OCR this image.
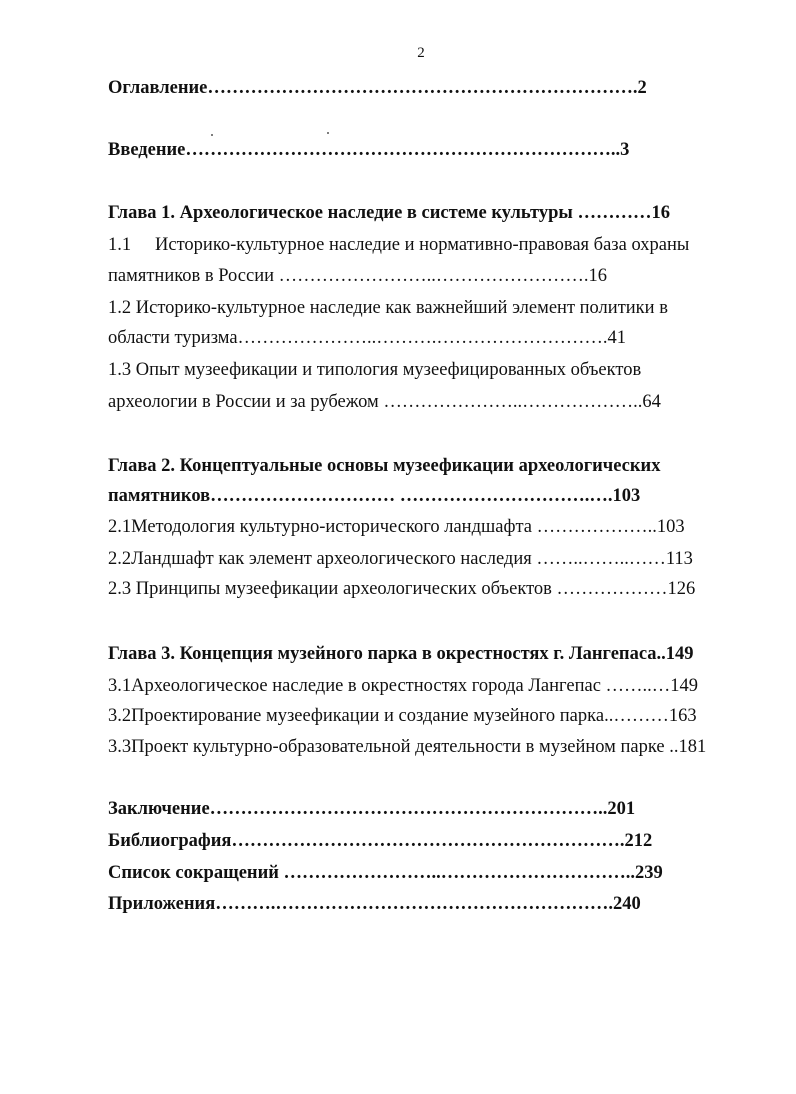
2
Оглавление…………………………………………………………….2
Введение……………………………………………………………..3
Глава 1. Археологическое наследие в системе культуры …………16
1.1 Историко-культурное наследие и нормативно-правовая база охраны
памятников в России ……………………..…………………….16
1.2 Историко-культурное наследие как важнейший элемент политики в
области туризма…………………..……….……………………….41
1.3 Опыт музеефикации и типология музеефицированных объектов
археологии в России и за рубежом …………………..………………..64
Глава 2. Концептуальные основы музеефикации археологических
памятников………………………… ………………………….….103
2.1Методология культурно-исторического ландшафта ………………..103
2.2Ландшафт как элемент археологического наследия ……..……..……113
2.3 Принципы музеефикации археологических объектов ………………126
Глава 3. Концепция музейного парка в окрестностях г. Лангепаса..149
3.1Археологическое наследие в окрестностях города Лангепас ……..…149
3.2Проектирование музеефикации и создание музейного парка..………163
3.3Проект культурно-образовательной деятельности в музейном парке ..181
Заключение………………………………………………………..201
Библиография……………………………………………………….212
Список сокращений ……………………..…………………………..239
Приложения……….……………………………………………….240
